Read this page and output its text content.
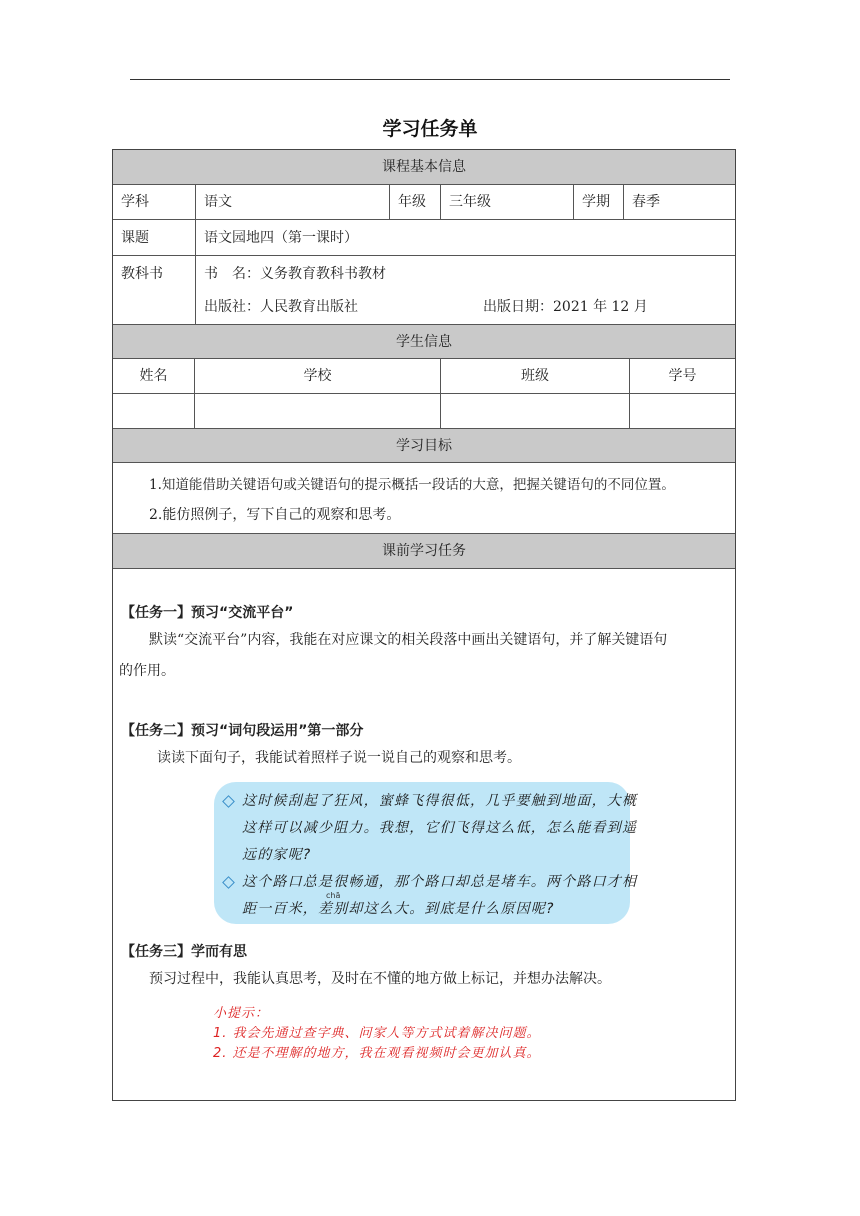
学习任务单
课程基本信息
学科	语文	年级 三年级	学期 春季
课题	语文园地四（第一课时）
教科书	书　名：义务教育教科书教材
出版社：人民教育出版社	出版日期：2021 年 12 月
学生信息
姓名	学校	班级	学号
学习目标
1.知道能借助关键语句或关键语句的提示概括一段话的大意，把握关键语句的不同位置。
2.能仿照例子，写下自己的观察和思考。
课前学习任务
【任务一】预习“交流平台”
默读“交流平台”内容，我能在对应课文的相关段落中画出关键语句，并了解关键语句
的作用。
【任务二】预习“词句段运用”第一部分
读读下面句子，我能试着照样子说一说自己的观察和思考。
这时候刮起了狂风，蜜蜂飞得很低，几乎要触到地面，大概
这样可以减少阻力。我想，它们飞得这么低，怎么能看到遥
远的家呢?
这个路口总是很畅通，那个路口却总是堵车。两个路口才相
chā
距一百米，差别却这么大。到底是什么原因呢?
【任务三】学而有思
预习过程中，我能认真思考，及时在不懂的地方做上标记，并想办法解决。
小提示：
1. 我会先通过查字典、问家人等方式试着解决问题。
2. 还是不理解的地方，我在观看视频时会更加认真。
